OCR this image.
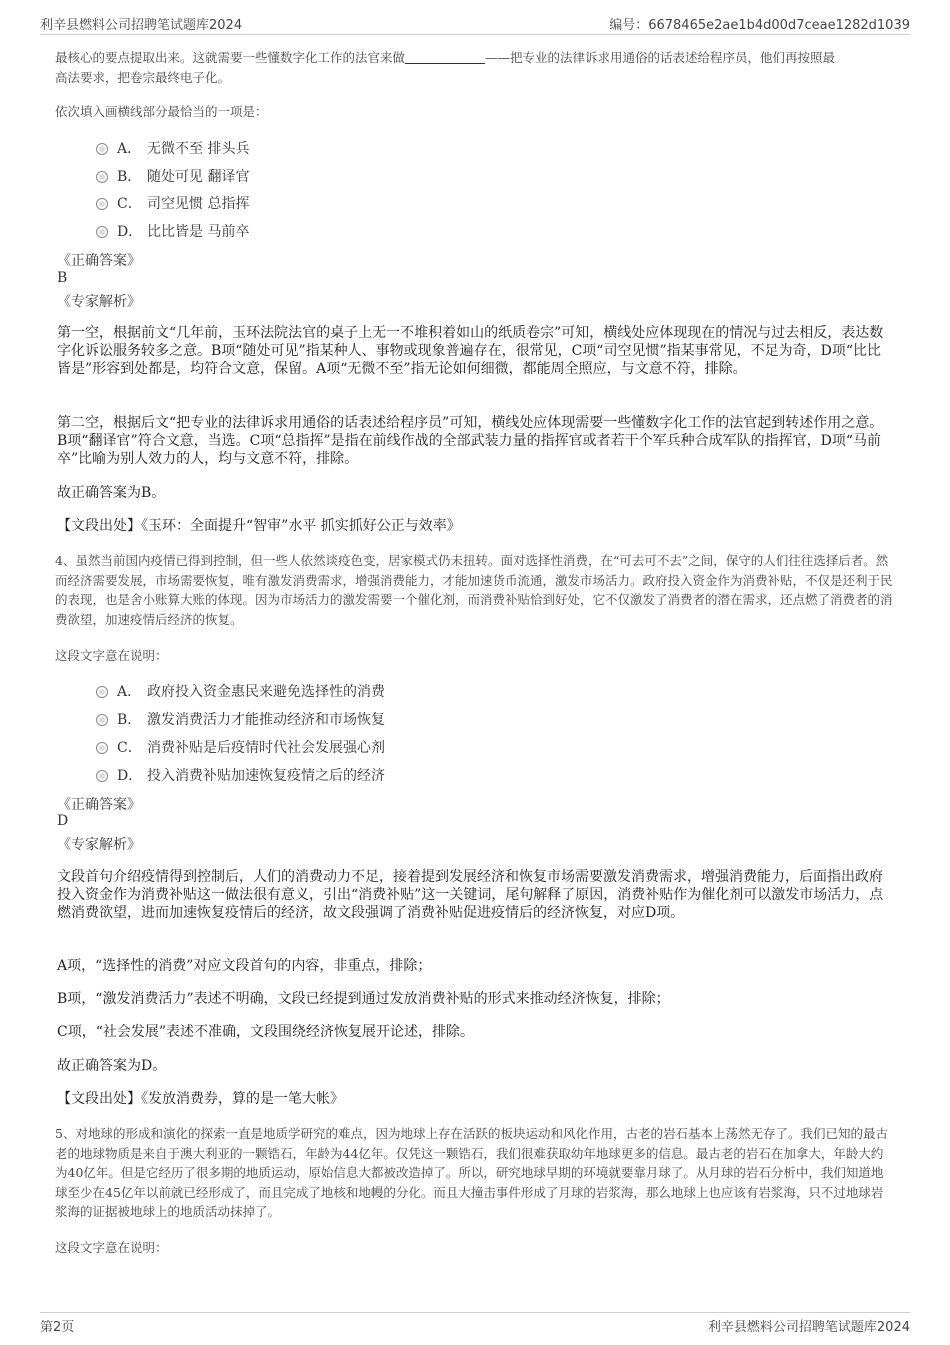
利辛县燃料公司招聘笔试题库2024	编号：6678465e2ae1b4d00d7ceae1282d1039
最核心的要点提取出来。这就需要一些懂数字化工作的法官来做	——把专业的法律诉求用通俗的话表述给程序员，他们再按照最
高法要求，把卷宗最终电子化。
依次填入画横线部分最恰当的一项是：
A． 无微不至 排头兵
B． 随处可见 翻译官
C． 司空见惯 总指挥
D． 比比皆是 马前卒
《正确答案》
B
《专家解析》
第一空，根据前文“几年前，玉环法院法官的桌子上无一不堆积着如山的纸质卷宗”可知，横线处应体现现在的情况与过去相反，表达数字化诉讼服务较多之意。B项“随处可见”指某种人、事物或现象普遍存在，很常见，C项“司空见惯”指某事常见，不足为奇，D项“比比皆是”形容到处都是，均符合文意，保留。A项“无微不至”指无论如何细微，都能周全照应，与文意不符，排除。
第二空，根据后文“把专业的法律诉求用通俗的话表述给程序员”可知，横线处应体现需要一些懂数字化工作的法官起到转述作用之意。B项“翻译官”符合文意，当选。C项“总指挥”是指在前线作战的全部武装力量的指挥官或者若干个军兵种合成军队的指挥官，D项“马前卒”比喻为别人效力的人，均与文意不符，排除。
故正确答案为B。
【文段出处】《玉环：全面提升“智审”水平 抓实抓好公正与效率》
4、虽然当前国内疫情已得到控制，但一些人依然谈疫色变，居家模式仍未扭转。面对选择性消费，在“可去可不去”之间，保守的人们往往选择后者。然而经济需要发展，市场需要恢复，唯有激发消费需求，增强消费能力，才能加速货币流通，激发市场活力。政府投入资金作为消费补贴，不仅是还利于民的表现，也是舍小账算大账的体现。因为市场活力的激发需要一个催化剂，而消费补贴恰到好处，它不仅激发了消费者的潜在需求，还点燃了消费者的消费欲望，加速疫情后经济的恢复。
这段文字意在说明：
A． 政府投入资金惠民来避免选择性的消费
B． 激发消费活力才能推动经济和市场恢复
C． 消费补贴是后疫情时代社会发展强心剂
D． 投入消费补贴加速恢复疫情之后的经济
《正确答案》
D
《专家解析》
文段首句介绍疫情得到控制后，人们的消费动力不足，接着提到发展经济和恢复市场需要激发消费需求，增强消费能力，后面指出政府投入资金作为消费补贴这一做法很有意义，引出“消费补贴”这一关键词，尾句解释了原因，消费补贴作为催化剂可以激发市场活力，点燃消费欲望，进而加速恢复疫情后的经济，故文段强调了消费补贴促进疫情后的经济恢复，对应D项。
A项，“选择性的消费”对应文段首句的内容，非重点，排除；
B项，“激发消费活力”表述不明确，文段已经提到通过发放消费补贴的形式来推动经济恢复，排除；
C项，“社会发展”表述不准确，文段围绕经济恢复展开论述，排除。
故正确答案为D。
【文段出处】《发放消费券，算的是一笔大帐》
5、对地球的形成和演化的探索一直是地质学研究的难点，因为地球上存在活跃的板块运动和风化作用，古老的岩石基本上荡然无存了。我们已知的最古老的地球物质是来自于澳大利亚的一颗锆石，年龄为44亿年。仅凭这一颗锆石，我们很难获取幼年地球更多的信息。最古老的岩石在加拿大，年龄大约为40亿年。但是它经历了很多期的地质运动，原始信息大都被改造掉了。所以，研究地球早期的环境就要靠月球了。从月球的岩石分析中，我们知道地球至少在45亿年以前就已经形成了，而且完成了地核和地幔的分化。而且大撞击事件形成了月球的岩浆海，那么地球上也应该有岩浆海，只不过地球岩浆海的证据被地球上的地质活动抹掉了。
这段文字意在说明：
第2页	利辛县燃料公司招聘笔试题库2024
